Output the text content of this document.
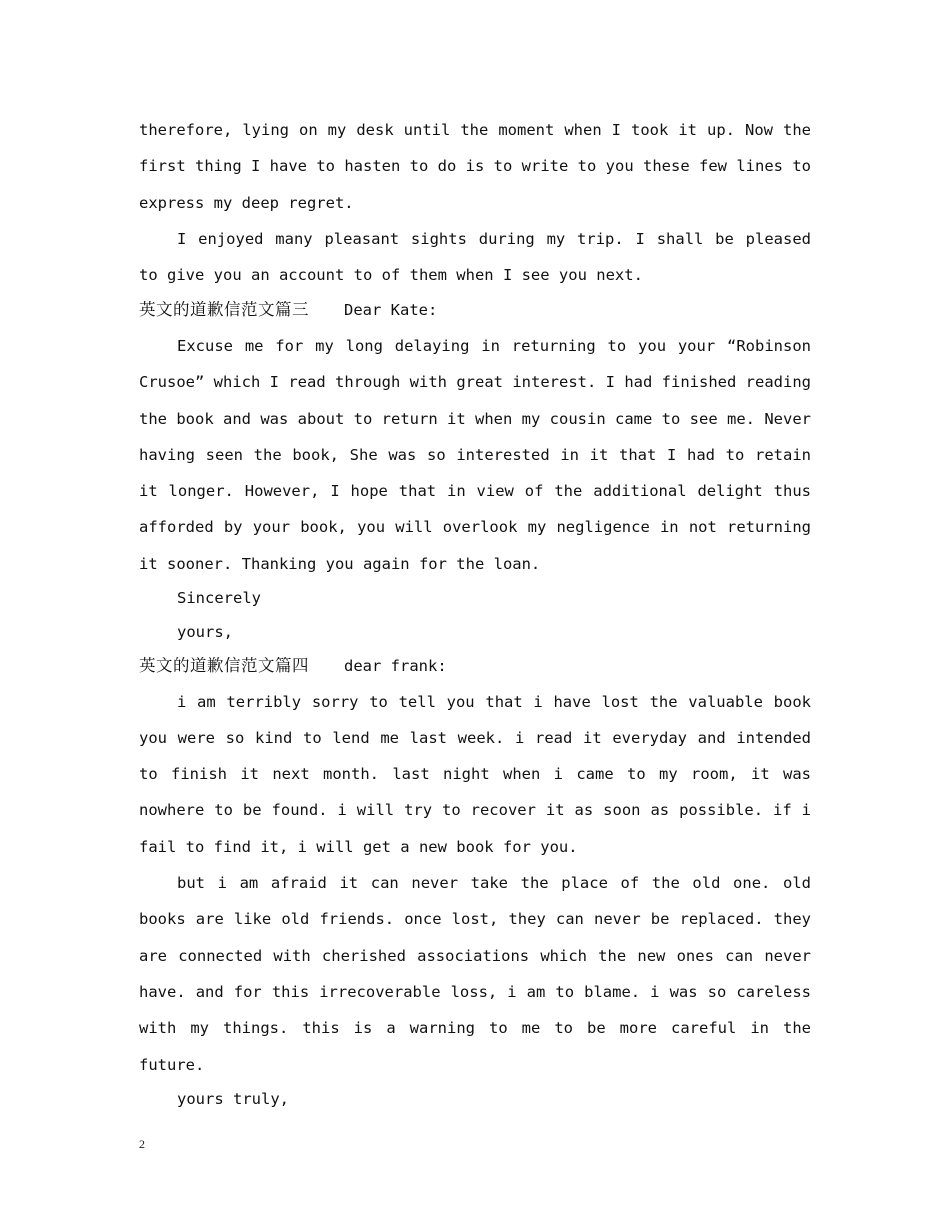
therefore, lying on my desk until the moment when I took it up. Now the first thing I have to hasten to do is to write to you these few lines to express my deep regret.

I enjoyed many pleasant sights during my trip. I shall be pleased to give you an account to of them when I see you next.

英文的道歉信范文篇三 Dear Kate:

Excuse me for my long delaying in returning to you your “Robinson Crusoe” which I read through with great interest. I had finished reading the book and was about to return it when my cousin came to see me. Never having seen the book, She was so interested in it that I had to retain it longer. However, I hope that in view of the additional delight thus afforded by your book, you will overlook my negligence in not returning it sooner. Thanking you again for the loan.

Sincerely

yours,

英文的道歉信范文篇四 dear frank:

i am terribly sorry to tell you that i have lost the valuable book you were so kind to lend me last week. i read it everyday and intended to finish it next month. last night when i came to my room, it was nowhere to be found. i will try to recover it as soon as possible. if i fail to find it, i will get a new book for you.

but i am afraid it can never take the place of the old one. old books are like old friends. once lost, they can never be replaced. they are connected with cherished associations which the new ones can never have. and for this irrecoverable loss, i am to blame. i was so careless with my things. this is a warning to me to be more careful in the future.

yours truly,

2
